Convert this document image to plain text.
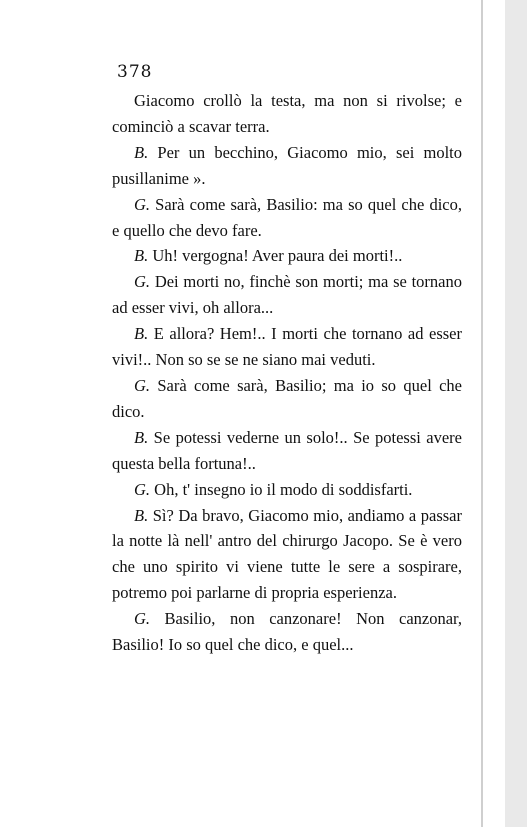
378

Giacomo crollò la testa, ma non si rivolse; e cominciò a scavar terra.

B. Per un becchino, Giacomo mio, sei molto pusillanime ».

G. Sarà come sarà, Basilio: ma so quel che dico, e quello che devo fare.

B. Uh! vergogna! Aver paura dei morti!..

G. Dei morti no, finchè son morti; ma se tornano ad esser vivi, oh allora...

B. E allora? Hem!.. I morti che tornano ad esser vivi!.. Non so se se ne siano mai veduti.

G. Sarà come sarà, Basilio; ma io so quel che dico.

B. Se potessi vederne un solo!.. Se potessi avere questa bella fortuna!..

G. Oh, t' insegno io il modo di soddisfarti.

B. Sì? Da bravo, Giacomo mio, andiamo a passar la notte là nell' antro del chirurgo Jacopo. Se è vero che uno spirito vi viene tutte le sere a sospirare, potremo poi parlarne di propria esperienza.

G. Basilio, non canzonare! Non canzonar, Basilio! Io so quel che dico, e quel...
